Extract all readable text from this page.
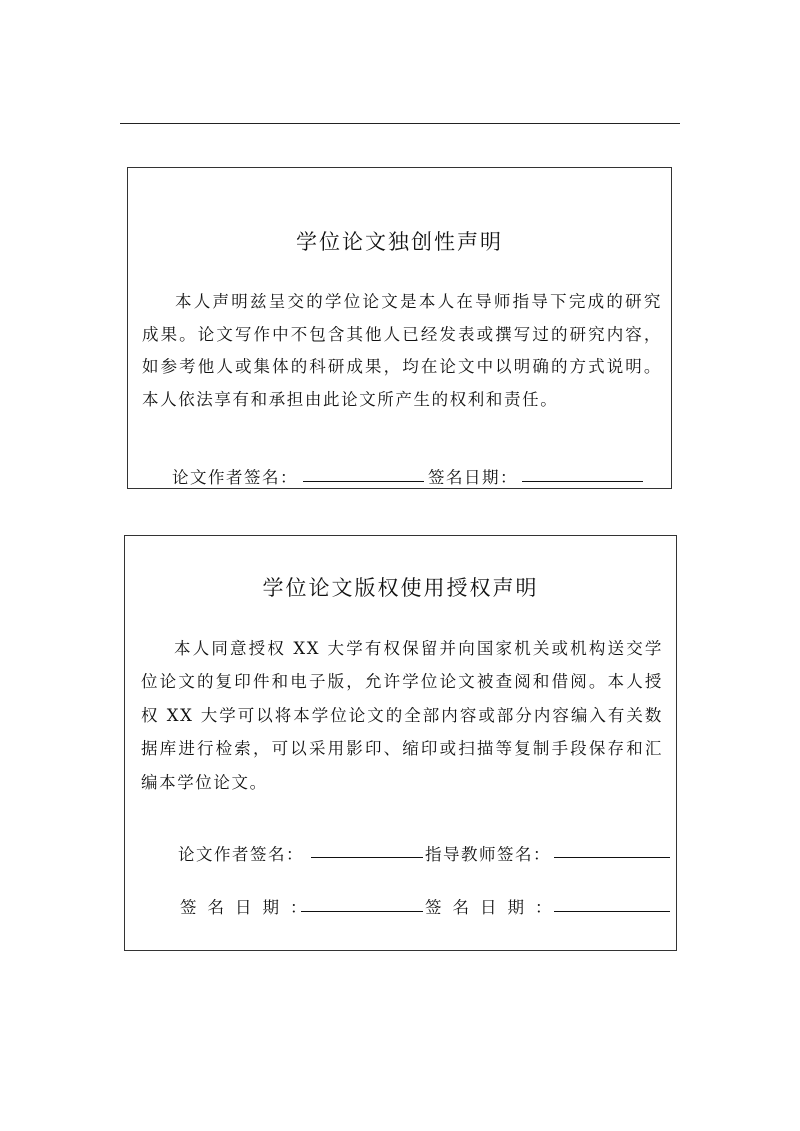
学位论文独创性声明

本人声明兹呈交的学位论文是本人在导师指导下完成的研究成果。论文写作中不包含其他人已经发表或撰写过的研究内容，如参考他人或集体的科研成果，均在论文中以明确的方式说明。本人依法享有和承担由此论文所产生的权利和责任。

论文作者签名：	签名日期：
学位论文版权使用授权声明

本人同意授权 XX 大学有权保留并向国家机关或机构送交学位论文的复印件和电子版，允许学位论文被查阅和借阅。本人授权 XX 大学可以将本学位论文的全部内容或部分内容编入有关数据库进行检索，可以采用影印、缩印或扫描等复制手段保存和汇编本学位论文。

论文作者签名：	指导教师签名：
签名日期：	签名日期：
